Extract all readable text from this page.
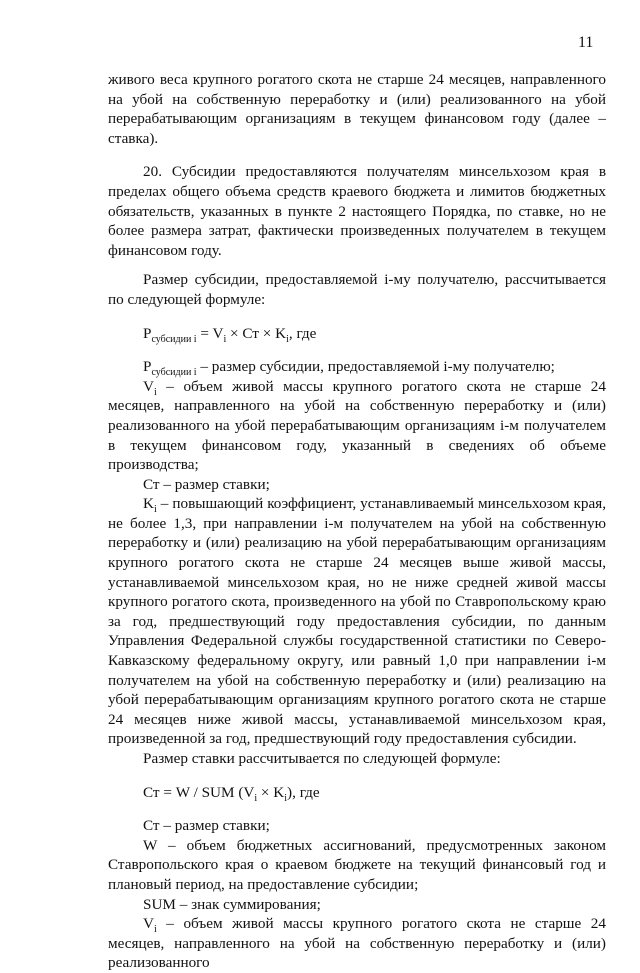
11

живого веса крупного рогатого скота не старше 24 месяцев, направленного на убой на собственную переработку и (или) реализованного на убой перерабатывающим организациям в текущем финансовом году (далее – ставка).

20. Субсидии предоставляются получателям минсельхозом края в пределах общего объема средств краевого бюджета и лимитов бюджетных обязательств, указанных в пункте 2 настоящего Порядка, по ставке, но не более размера затрат, фактически произведенных получателем в текущем финансовом году.

Размер субсидии, предоставляемой i-му получателю, рассчитывается по следующей формуле:

$P_{субсидии i} = V_i$ × Ст × $K_i$, где

$P_{субсидии i}$ – размер субсидии, предоставляемой i-му получателю;

$V_i$ – объем живой массы крупного рогатого скота не старше 24 месяцев, направленного на убой на собственную переработку и (или) реализованного на убой перерабатывающим организациям i-м получателем в текущем финансовом году, указанный в сведениях об объеме производства;

Ст – размер ставки;

$K_i$ – повышающий коэффициент, устанавливаемый минсельхозом края, не более 1,3, при направлении i-м получателем на убой на собственную переработку и (или) реализацию на убой перерабатывающим организациям крупного рогатого скота не старше 24 месяцев выше живой массы, устанавливаемой минсельхозом края, но не ниже средней живой массы крупного рогатого скота, произведенного на убой по Ставропольскому краю за год, предшествующий году предоставления субсидии, по данным Управления Федеральной службы государственной статистики по Северо-Кавказскому федеральному округу, или равный 1,0 при направлении i-м получателем на убой на собственную переработку и (или) реализацию на убой перерабатывающим организациям крупного рогатого скота не старше 24 месяцев ниже живой массы, устанавливаемой минсельхозом края, произведенной за год, предшествующий году предоставления субсидии.

Размер ставки рассчитывается по следующей формуле:

Ст = W / SUM $(V_i \times K_i)$, где

Ст – размер ставки;

W – объем бюджетных ассигнований, предусмотренных законом Ставропольского края о краевом бюджете на текущий финансовый год и плановый период, на предоставление субсидии;

SUM – знак суммирования;

$V_i$ – объем живой массы крупного рогатого скота не старше 24 месяцев, направленного на убой на собственную переработку и (или) реализованного
